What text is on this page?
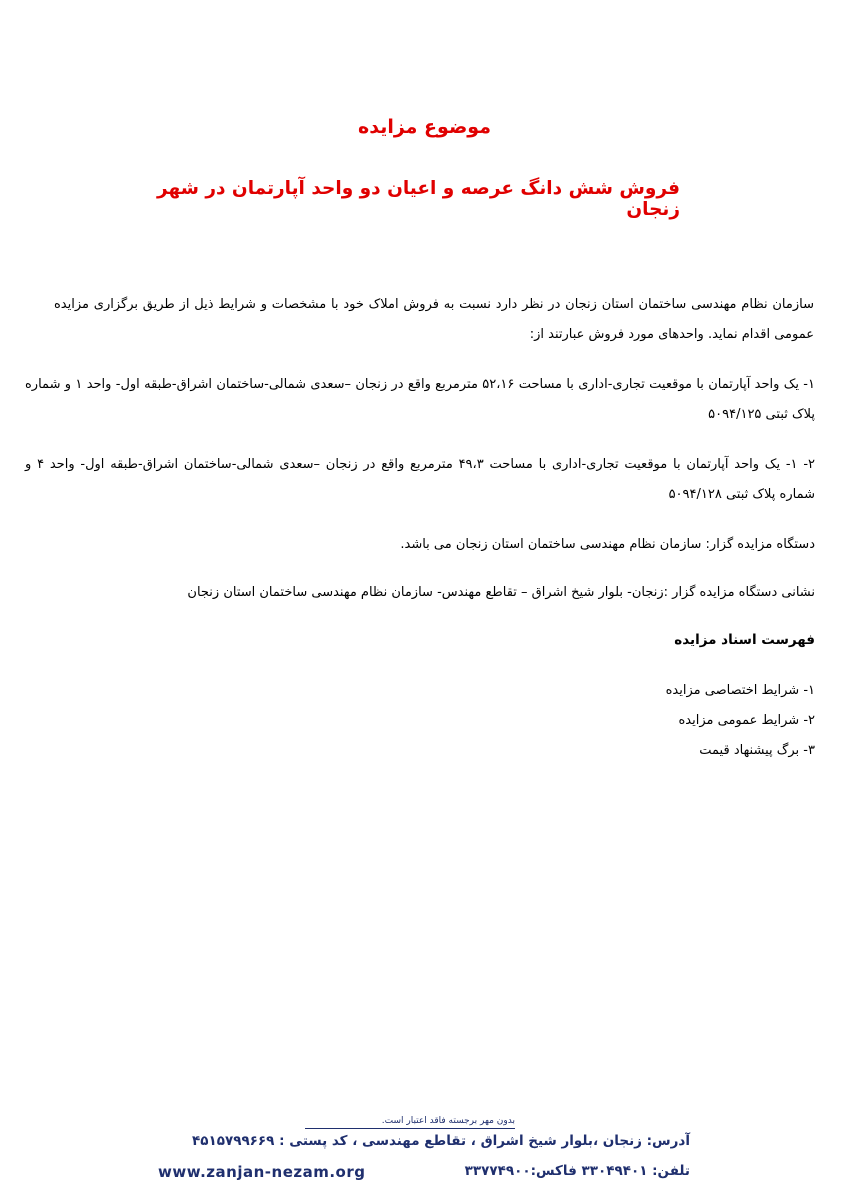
موضوع مزایده
فروش شش دانگ عرصه و اعیان دو واحد آپارتمان در شهر زنجان
سازمان نظام مهندسی ساختمان استان زنجان در نظر دارد نسبت به فروش املاک خود با مشخصات و شرایط ذیل از طریق برگزاری مزایده عمومی اقدام نماید. واحدهای مورد فروش عبارتند از:
۱- یک واحد آپارتمان با موقعیت تجاری-اداری با مساحت ۵۲،۱۶ مترمربع واقع در زنجان –سعدی شمالی-ساختمان اشراق-طبقه اول- واحد ۱ و شماره پلاک ثبتی ۵۰۹۴/۱۲۵
۲- ۱- یک واحد آپارتمان با موقعیت تجاری-اداری با مساحت ۴۹،۳ مترمربع واقع در زنجان –سعدی شمالی-ساختمان اشراق-طبقه اول- واحد ۴ و شماره پلاک ثبتی ۵۰۹۴/۱۲۸
دستگاه مزایده گزار: سازمان نظام مهندسی ساختمان استان زنجان می باشد.
نشانی دستگاه مزایده گزار :زنجان- بلوار شیخ اشراق – تقاطع مهندس- سازمان نظام مهندسی ساختمان استان زنجان
فهرست اسناد مزایده
۱- شرایط اختصاصی مزایده
۲- شرایط عمومی مزایده
۳- برگ پیشنهاد قیمت
بدون مهر برجسته فاقد اعتبار است.
آدرس: زنجان ،بلوار شیخ اشراق ، تقاطع مهندسی ، کد پستی : ۴۵۱۵۷۹۹۶۶۹
تلفن: ۳۳۰۴۹۴۰۱ فاکس:۳۳۷۷۴۹۰۰
www.zanjan-nezam.org
